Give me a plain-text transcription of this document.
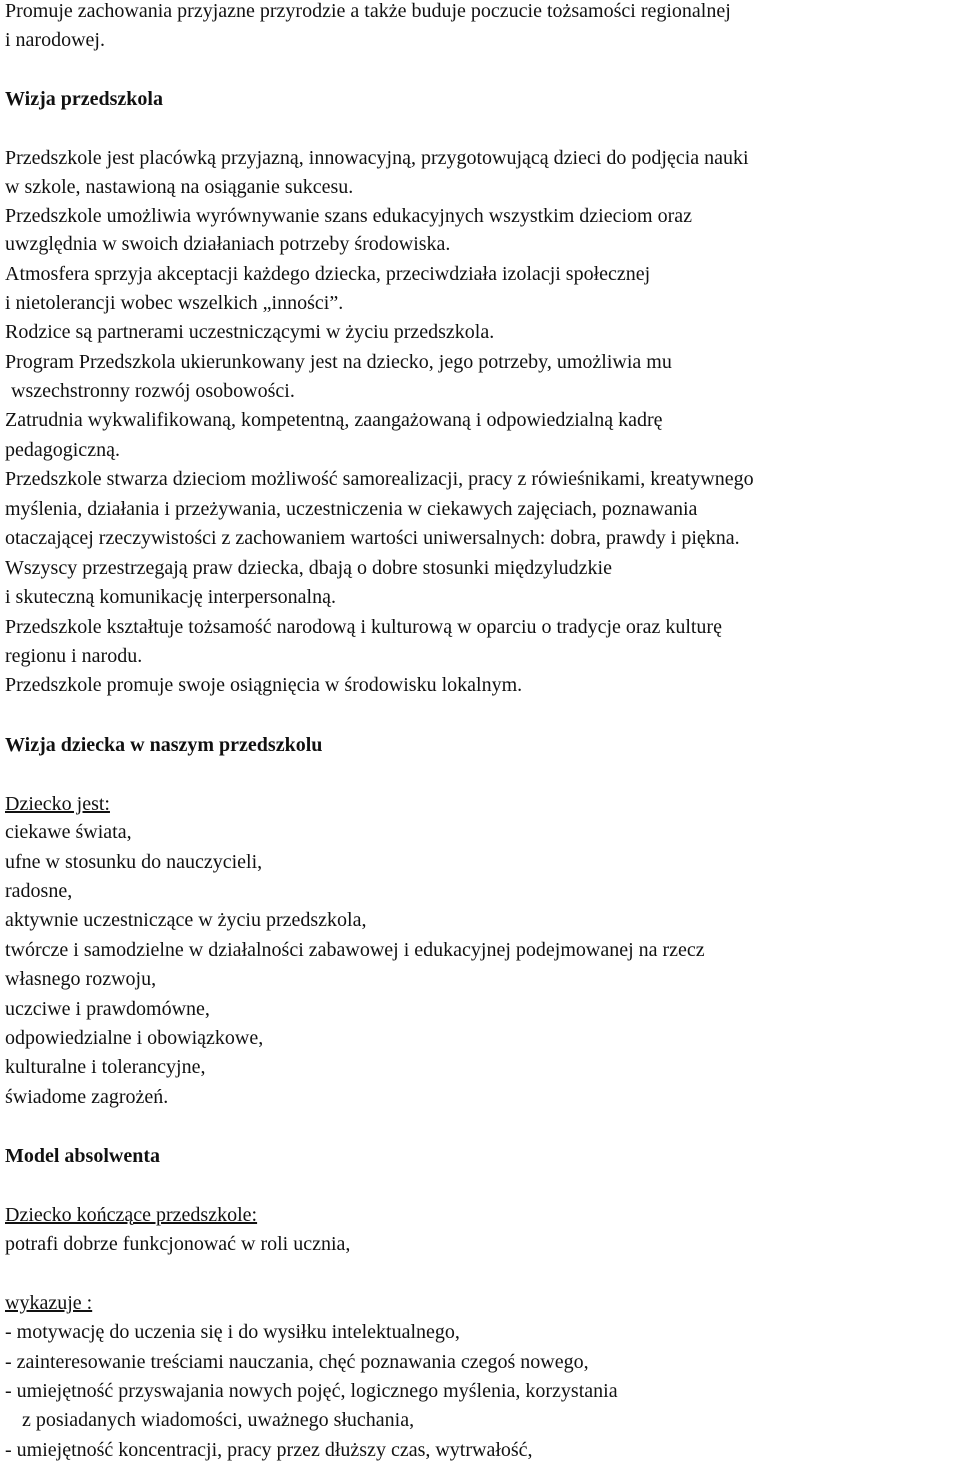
Promuje zachowania przyjazne przyrodzie a także buduje poczucie tożsamości regionalnej

i narodowej.

Wizja przedszkola

Przedszkole jest placówką przyjazną, innowacyjną, przygotowującą dzieci do podjęcia nauki

w szkole, nastawioną na osiąganie sukcesu.

Przedszkole umożliwia wyrównywanie szans edukacyjnych wszystkim dzieciom oraz

uwzględnia w swoich działaniach potrzeby środowiska.

Atmosfera sprzyja akceptacji każdego dziecka, przeciwdziała izolacji społecznej

i nietolerancji wobec wszelkich „inności”.

Rodzice są partnerami uczestniczącymi w życiu przedszkola.

Program Przedszkola ukierunkowany jest na dziecko, jego potrzeby, umożliwia mu

wszechstronny rozwój osobowości.

Zatrudnia wykwalifikowaną, kompetentną, zaangażowaną i odpowiedzialną kadrę

pedagogiczną.

Przedszkole stwarza dzieciom możliwość samorealizacji, pracy z rówieśnikami, kreatywnego

myślenia, działania i przeżywania, uczestniczenia w ciekawych zajęciach, poznawania

otaczającej rzeczywistości z zachowaniem wartości uniwersalnych: dobra, prawdy i piękna.

Wszyscy przestrzegają praw dziecka, dbają o dobre stosunki międzyludzkie

i skuteczną komunikację interpersonalną.

Przedszkole kształtuje tożsamość narodową i kulturową w oparciu o tradycje oraz kulturę

regionu i narodu.

Przedszkole promuje swoje osiągnięcia w środowisku lokalnym.

Wizja dziecka w naszym przedszkolu

Dziecko jest:

ciekawe świata,

ufne w stosunku do nauczycieli,

radosne,

aktywnie uczestniczące w życiu przedszkola,

twórcze i samodzielne w działalności zabawowej i edukacyjnej podejmowanej na rzecz

własnego rozwoju,

uczciwe i prawdomówne,

odpowiedzialne i obowiązkowe,

kulturalne i tolerancyjne,

świadome zagrożeń.

Model absolwenta

Dziecko kończące przedszkole:

potrafi dobrze funkcjonować w roli ucznia,

wykazuje :

- motywację do uczenia się i do wysiłku intelektualnego,

- zainteresowanie treściami nauczania, chęć poznawania czegoś nowego,

- umiejętność przyswajania nowych pojęć, logicznego myślenia, korzystania

z posiadanych wiadomości, uważnego słuchania,

- umiejętność koncentracji, pracy przez dłuższy czas, wytrwałość,
